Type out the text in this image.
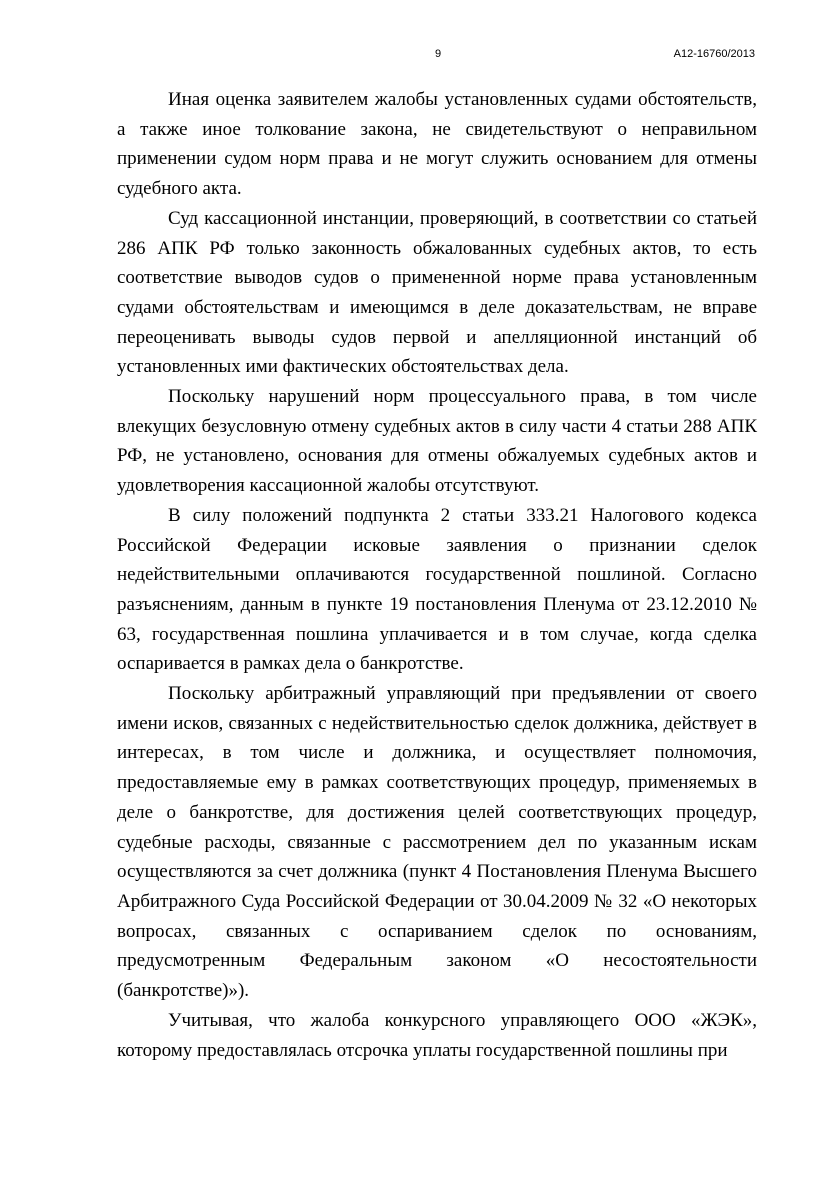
9	А12-16760/2013

Иная оценка заявителем жалобы установленных судами обстоятельств, а также иное толкование закона, не свидетельствуют о неправильном применении судом норм права и не могут служить основанием для отмены судебного акта.

Суд кассационной инстанции, проверяющий, в соответствии со статьей 286 АПК РФ только законность обжалованных судебных актов, то есть соответствие выводов судов о примененной норме права установленным судами обстоятельствам и имеющимся в деле доказательствам, не вправе переоценивать выводы судов первой и апелляционной инстанций об установленных ими фактических обстоятельствах дела.

Поскольку нарушений норм процессуального права, в том числе влекущих безусловную отмену судебных актов в силу части 4 статьи 288 АПК РФ, не установлено, основания для отмены обжалуемых судебных актов и удовлетворения кассационной жалобы отсутствуют.

В силу положений подпункта 2 статьи 333.21 Налогового кодекса Российской Федерации исковые заявления о признании сделок недействительными оплачиваются государственной пошлиной. Согласно разъяснениям, данным в пункте 19 постановления Пленума от 23.12.2010 № 63, государственная пошлина уплачивается и в том случае, когда сделка оспаривается в рамках дела о банкротстве.

Поскольку арбитражный управляющий при предъявлении от своего имени исков, связанных с недействительностью сделок должника, действует в интересах, в том числе и должника, и осуществляет полномочия, предоставляемые ему в рамках соответствующих процедур, применяемых в деле о банкротстве, для достижения целей соответствующих процедур, судебные расходы, связанные с рассмотрением дел по указанным искам осуществляются за счет должника (пункт 4 Постановления Пленума Высшего Арбитражного Суда Российской Федерации от 30.04.2009 № 32 «О некоторых вопросах, связанных с оспариванием сделок по основаниям, предусмотренным Федеральным законом «О несостоятельности (банкротстве)»).

Учитывая, что жалоба конкурсного управляющего ООО «ЖЭК», которому предоставлялась отсрочка уплаты государственной пошлины при
